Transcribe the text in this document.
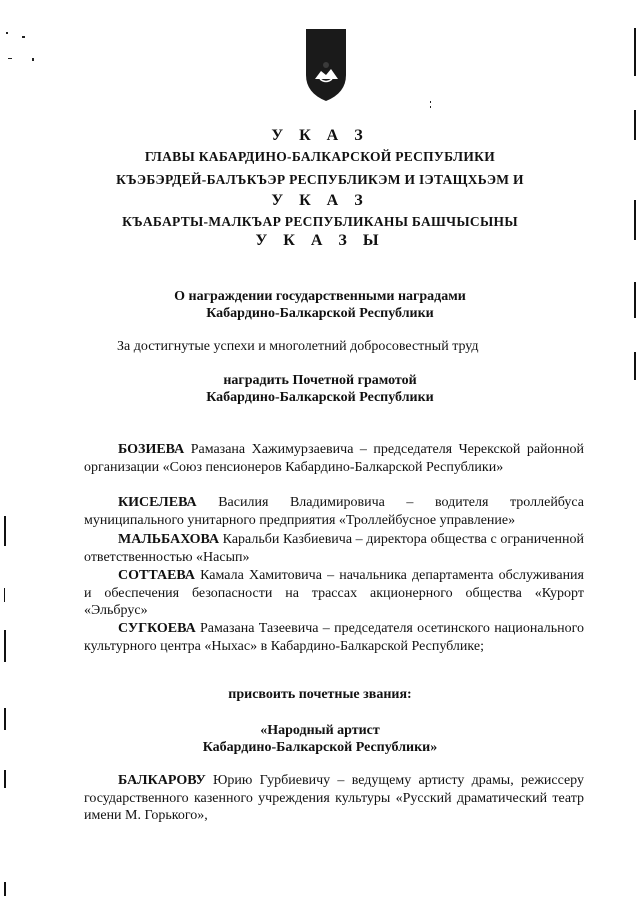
У К А З
ГЛАВЫ КАБАРДИНО-БАЛКАРСКОЙ РЕСПУБЛИКИ
КЪЭБЭРДЕЙ-БАЛЪКЪЭР РЕСПУБЛИКЭМ И ІЭТАЩХЬЭМ И
У К А З
КЪАБАРТЫ-МАЛКЪАР РЕСПУБЛИКАНЫ БАШЧЫСЫНЫ
У К А З Ы
О награждении государственными наградами
Кабардино-Балкарской Республики
За достигнутые успехи и многолетний добросовестный труд
наградить Почетной грамотой
Кабардино-Балкарской Республики
БОЗИЕВА Рамазана Хажимурзаевича – председателя Черекской районной организации «Союз пенсионеров Кабардино-Балкарской Республики»
КИСЕЛЕВА Василия Владимировича – водителя троллейбуса муниципального унитарного предприятия «Троллейбусное управление»
МАЛЬБАХОВА Каральби Казбиевича – директора общества с ограниченной ответственностью «Насып»
СОТТАЕВА Камала Хамитовича – начальника департамента обслуживания и обеспечения безопасности на трассах акционерного общества «Курорт «Эльбрус»
СУГКОЕВА Рамазана Тазеевича – председателя осетинского национального культурного центра «Ныхас» в Кабардино-Балкарской Республике;
присвоить почетные звания:
«Народный артист
Кабардино-Балкарской Республики»
БАЛКАРОВУ Юрию Гурбиевичу – ведущему артисту драмы, режиссеру государственного казенного учреждения культуры «Русский драматический театр имени М. Горького»,
